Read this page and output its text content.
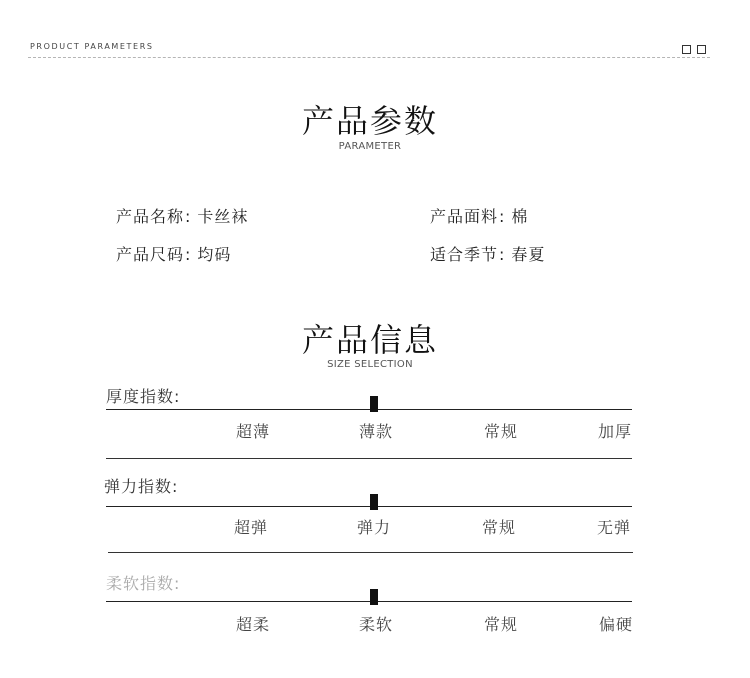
PRODUCT PARAMETERS
产品参数
PARAMETER
产品名称: 卡丝袜	产品面料: 棉
产品尺码: 均码	适合季节: 春夏
产品信息
SIZE SELECTION
厚度指数:
超薄	薄款	常规	加厚
弹力指数:
超弹	弹力	常规	无弹
柔软指数:
超柔	柔软	常规	偏硬
